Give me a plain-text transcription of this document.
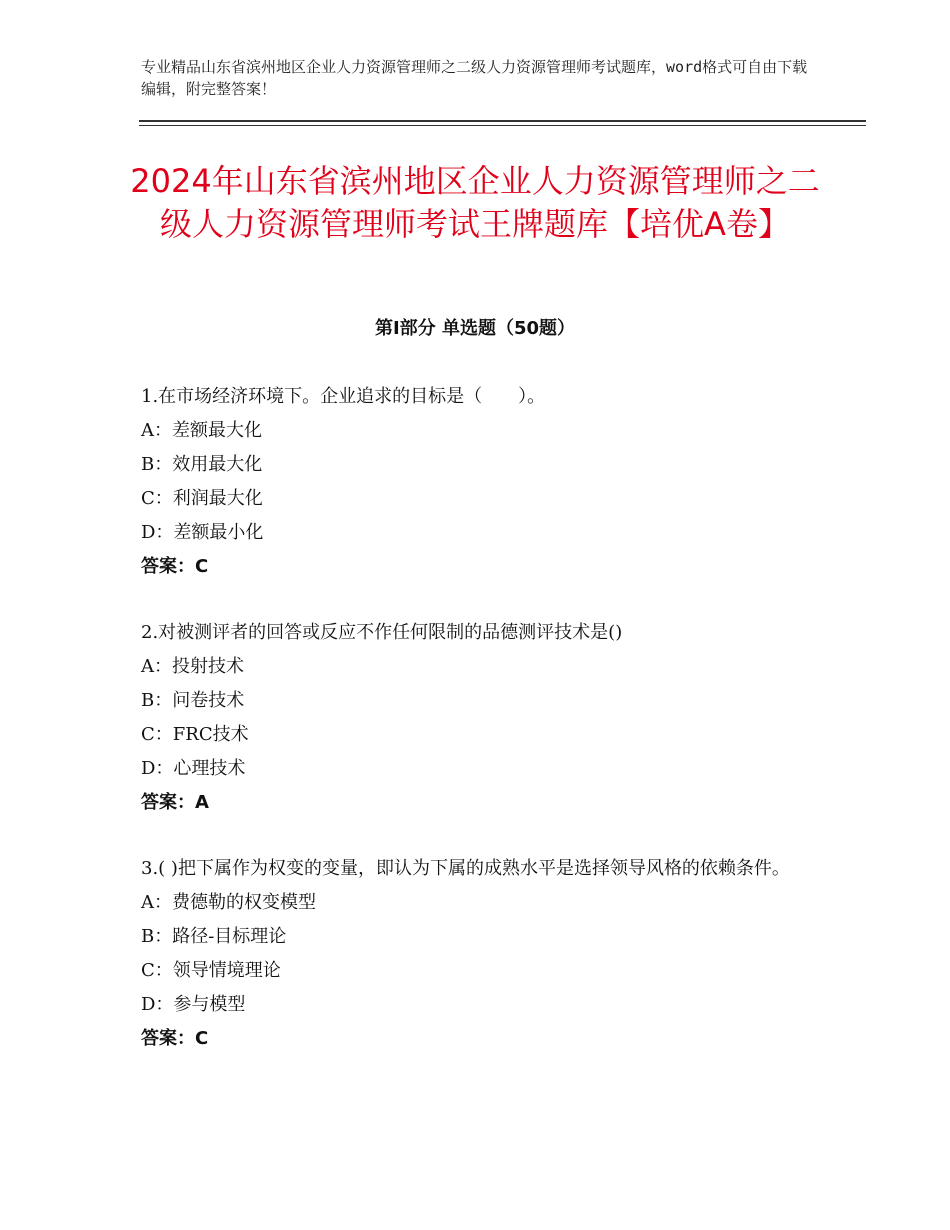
专业精品山东省滨州地区企业人力资源管理师之二级人力资源管理师考试题库，word格式可自由下载编辑，附完整答案！
2024年山东省滨州地区企业人力资源管理师之二级人力资源管理师考试王牌题库【培优A卷】
第Ⅰ部分 单选题（50题）
1.在市场经济环境下。企业追求的目标是（　　）。
A：差额最大化
B：效用最大化
C：利润最大化
D：差额最小化
答案：C
2.对被测评者的回答或反应不作任何限制的品德测评技术是()
A：投射技术
B：问卷技术
C：FRC技术
D：心理技术
答案：A
3.( )把下属作为权变的变量，即认为下属的成熟水平是选择领导风格的依赖条件。
A：费德勒的权变模型
B：路径-目标理论
C：领导情境理论
D：参与模型
答案：C
